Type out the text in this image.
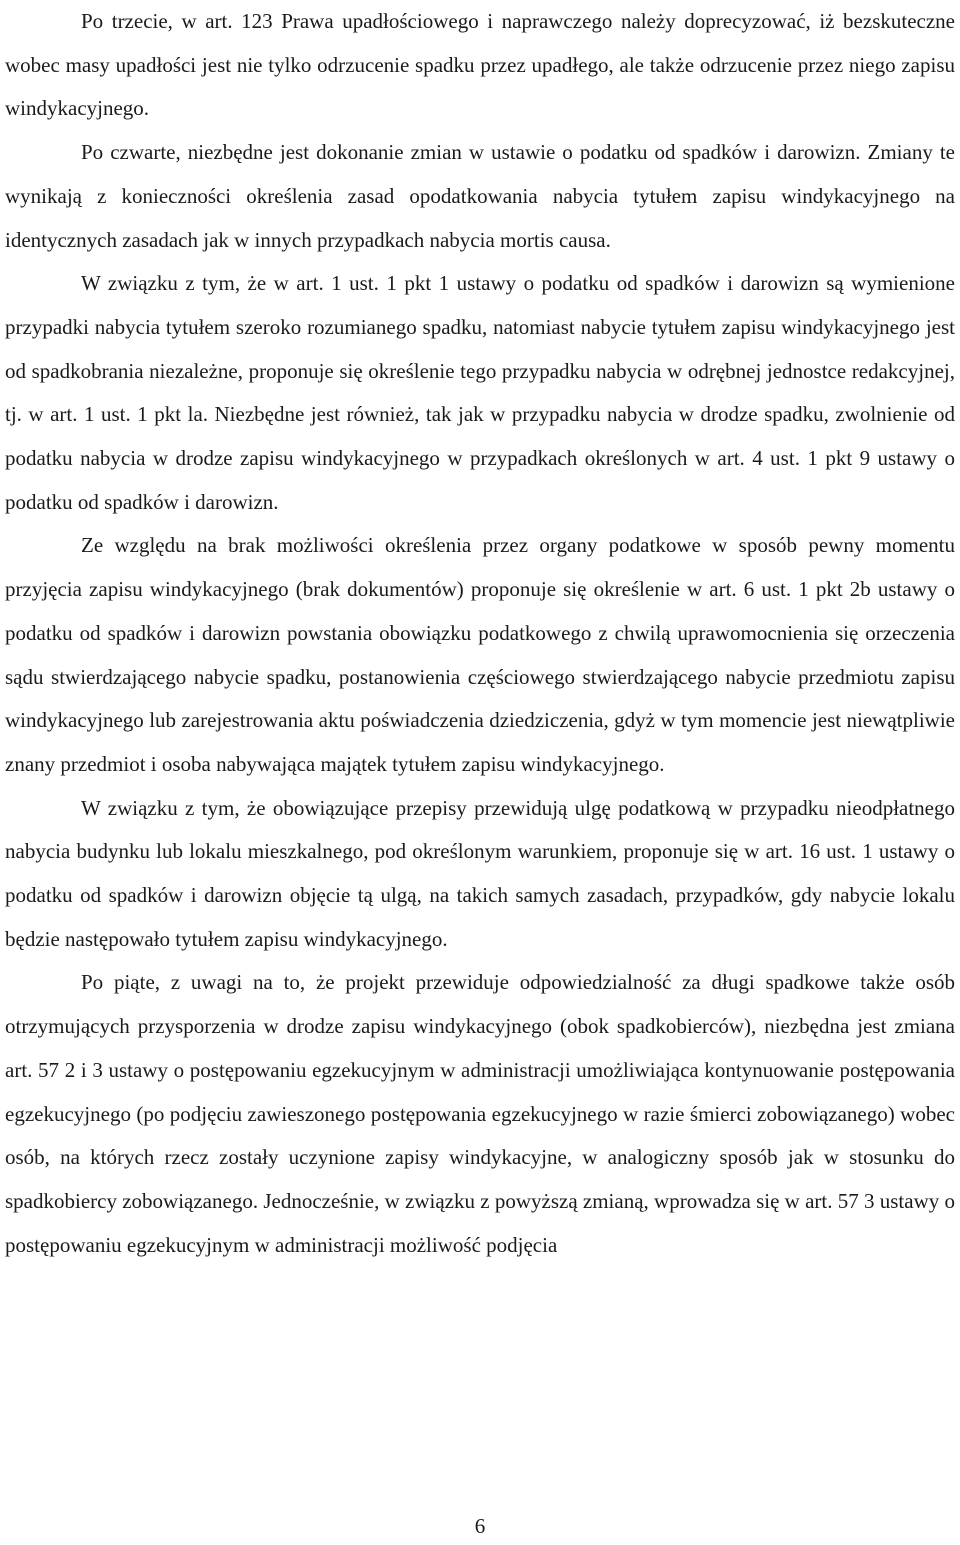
Po trzecie, w art. 123 Prawa upadłościowego i naprawczego należy doprecyzować, iż bezskuteczne wobec masy upadłości jest nie tylko odrzucenie spadku przez upadłego, ale także odrzucenie przez niego zapisu windykacyjnego.

Po czwarte, niezbędne jest dokonanie zmian w ustawie o podatku od spadków i darowizn. Zmiany te wynikają z konieczności określenia zasad opodatkowania nabycia tytułem zapisu windykacyjnego na identycznych zasadach jak w innych przypadkach nabycia mortis causa.

W związku z tym, że w art. 1 ust. 1 pkt 1 ustawy o podatku od spadków i darowizn są wymienione przypadki nabycia tytułem szeroko rozumianego spadku, natomiast nabycie tytułem zapisu windykacyjnego jest od spadkobrania niezależne, proponuje się określenie tego przypadku nabycia w odrębnej jednostce redakcyjnej, tj. w art. 1 ust. 1 pkt la. Niezbędne jest również, tak jak w przypadku nabycia w drodze spadku, zwolnienie od podatku nabycia w drodze zapisu windykacyjnego w przypadkach określonych w art. 4 ust. 1 pkt 9 ustawy o podatku od spadków i darowizn.

Ze względu na brak możliwości określenia przez organy podatkowe w sposób pewny momentu przyjęcia zapisu windykacyjnego (brak dokumentów) proponuje się określenie w art. 6 ust. 1 pkt 2b ustawy o podatku od spadków i darowizn powstania obowiązku podatkowego z chwilą uprawomocnienia się orzeczenia sądu stwierdzającego nabycie spadku, postanowienia częściowego stwierdzającego nabycie przedmiotu zapisu windykacyjnego lub zarejestrowania aktu poświadczenia dziedziczenia, gdyż w tym momencie jest niewątpliwie znany przedmiot i osoba nabywająca majątek tytułem zapisu windykacyjnego.

W związku z tym, że obowiązujące przepisy przewidują ulgę podatkową w przypadku nieodpłatnego nabycia budynku lub lokalu mieszkalnego, pod określonym warunkiem, proponuje się w art. 16 ust. 1 ustawy o podatku od spadków i darowizn objęcie tą ulgą, na takich samych zasadach, przypadków, gdy nabycie lokalu będzie następowało tytułem zapisu windykacyjnego.

Po piąte, z uwagi na to, że projekt przewiduje odpowiedzialność za długi spadkowe także osób otrzymujących przysporzenia w drodze zapisu windykacyjnego (obok spadkobierców), niezbędna jest zmiana art. 57 2 i 3 ustawy o postępowaniu egzekucyjnym w administracji umożliwiająca kontynuowanie postępowania egzekucyjnego (po podjęciu zawieszonego postępowania egzekucyjnego w razie śmierci zobowiązanego) wobec osób, na których rzecz zostały uczynione zapisy windykacyjne, w analogiczny sposób jak w stosunku do spadkobiercy zobowiązanego. Jednocześnie, w związku z powyższą zmianą, wprowadza się w art. 57 3 ustawy o postępowaniu egzekucyjnym w administracji możliwość podjęcia

6
